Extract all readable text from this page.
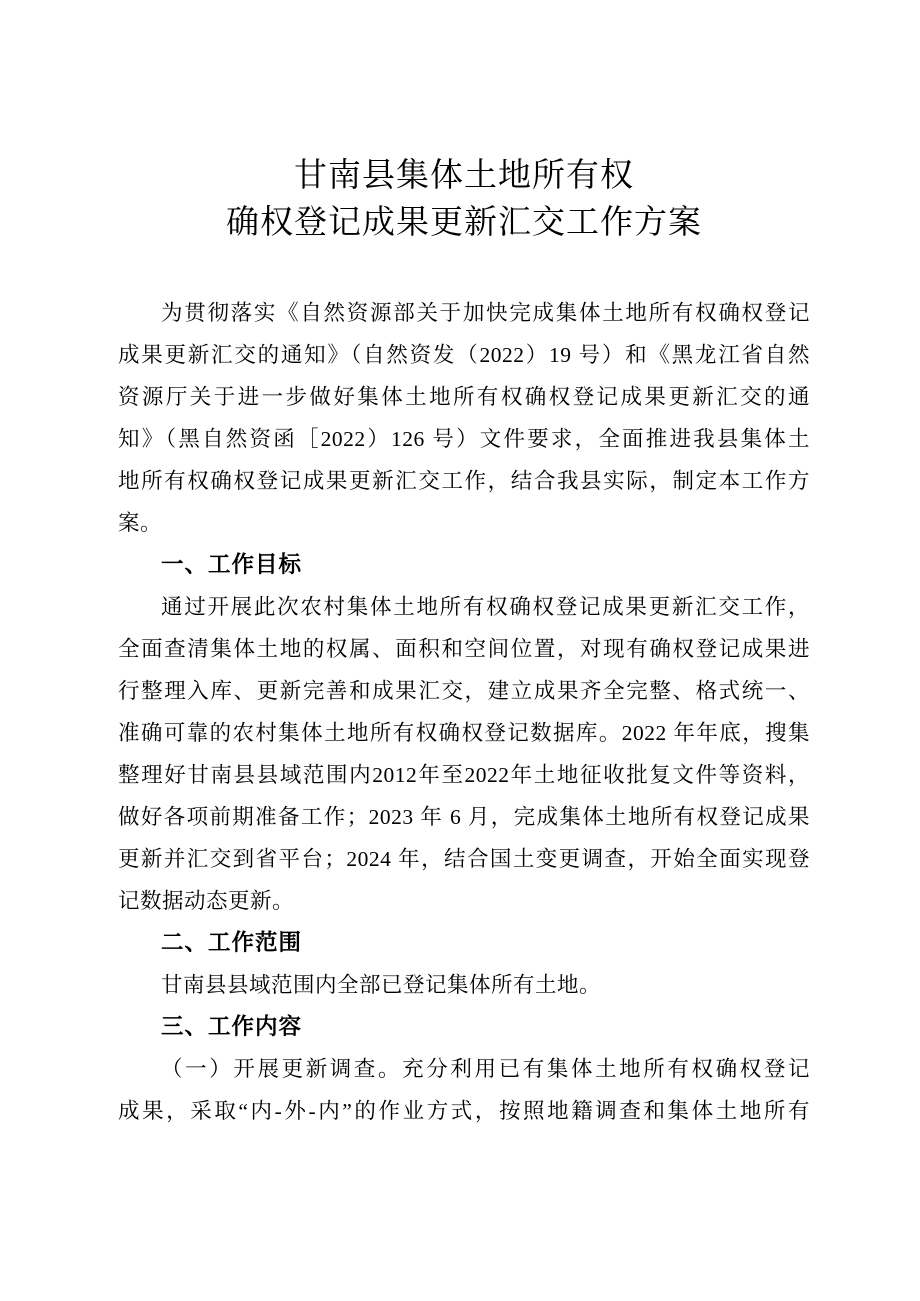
甘南县集体土地所有权
确权登记成果更新汇交工作方案
为贯彻落实《自然资源部关于加快完成集体土地所有权确权登记
成果更新汇交的通知》（自然资发（2022）19 号）和《黑龙江省自然
资源厅关于进一步做好集体土地所有权确权登记成果更新汇交的通
知》（黑自然资函［2022）126 号）文件要求，全面推进我县集体土
地所有权确权登记成果更新汇交工作，结合我县实际，制定本工作方
案。
一、工作目标
通过开展此次农村集体土地所有权确权登记成果更新汇交工作，
全面查清集体土地的权属、面积和空间位置，对现有确权登记成果进
行整理入库、更新完善和成果汇交，建立成果齐全完整、格式统一、
准确可靠的农村集体土地所有权确权登记数据库。2022 年年底，搜集
整理好甘南县县域范围内2012年至2022年土地征收批复文件等资料，
做好各项前期准备工作；2023 年 6 月，完成集体土地所有权登记成果
更新并汇交到省平台；2024 年，结合国土变更调查，开始全面实现登
记数据动态更新。
二、工作范围
甘南县县域范围内全部已登记集体所有土地。
三、工作内容
（一）开展更新调查。充分利用已有集体土地所有权确权登记
成果，采取“内-外-内”的作业方式，按照地籍调查和集体土地所有
